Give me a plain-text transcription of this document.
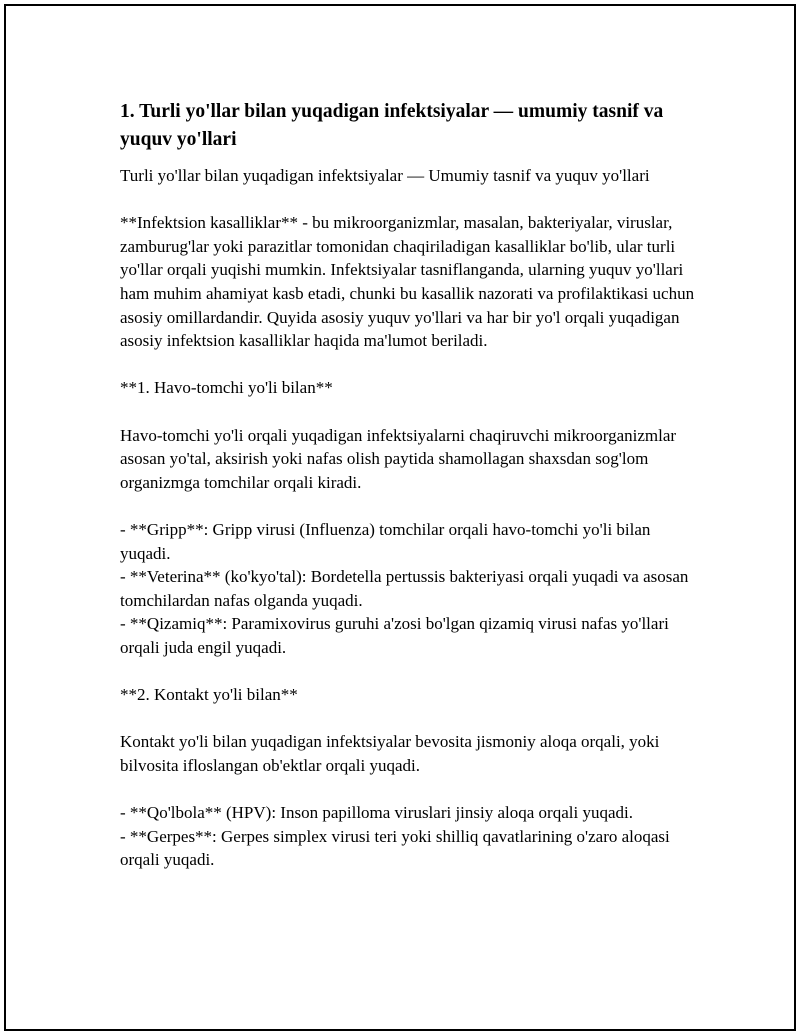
1. Turli yo'llar bilan yuqadigan infektsiyalar — umumiy tasnif va yuquv yo'llari

Turli yo'llar bilan yuqadigan infektsiyalar — Umumiy tasnif va yuquv yo'llari

**Infektsion kasalliklar** - bu mikroorganizmlar, masalan, bakteriyalar, viruslar, zamburug'lar yoki parazitlar tomonidan chaqiriladigan kasalliklar bo'lib, ular turli yo'llar orqali yuqishi mumkin. Infektsiyalar tasniflanganda, ularning yuquv yo'llari ham muhim ahamiyat kasb etadi, chunki bu kasallik nazorati va profilaktikasi uchun asosiy omillardandir. Quyida asosiy yuquv yo'llari va har bir yo'l orqali yuqadigan asosiy infektsion kasalliklar haqida ma'lumot beriladi.

**1. Havo-tomchi yo'li bilan**

Havo-tomchi yo'li orqali yuqadigan infektsiyalarni chaqiruvchi mikroorganizmlar asosan yo'tal, aksirish yoki nafas olish paytida shamollagan shaxsdan sog'lom organizmga tomchilar orqali kiradi.

- **Gripp**: Gripp virusi (Influenza) tomchilar orqali havo-tomchi yo'li bilan yuqadi.

- **Veterina** (ko'kyo'tal): Bordetella pertussis bakteriyasi orqali yuqadi va asosan tomchilardan nafas olganda yuqadi.

- **Qizamiq**: Paramixovirus guruhi a'zosi bo'lgan qizamiq virusi nafas yo'llari orqali juda engil yuqadi.

**2. Kontakt yo'li bilan**

Kontakt yo'li bilan yuqadigan infektsiyalar bevosita jismoniy aloqa orqali, yoki bilvosita ifloslangan ob'ektlar orqali yuqadi.

- **Qo'lbola** (HPV): Inson papilloma viruslari jinsiy aloqa orqali yuqadi.

- **Gerpes**: Gerpes simplex virusi teri yoki shilliq qavatlarining o'zaro aloqasi orqali yuqadi.
